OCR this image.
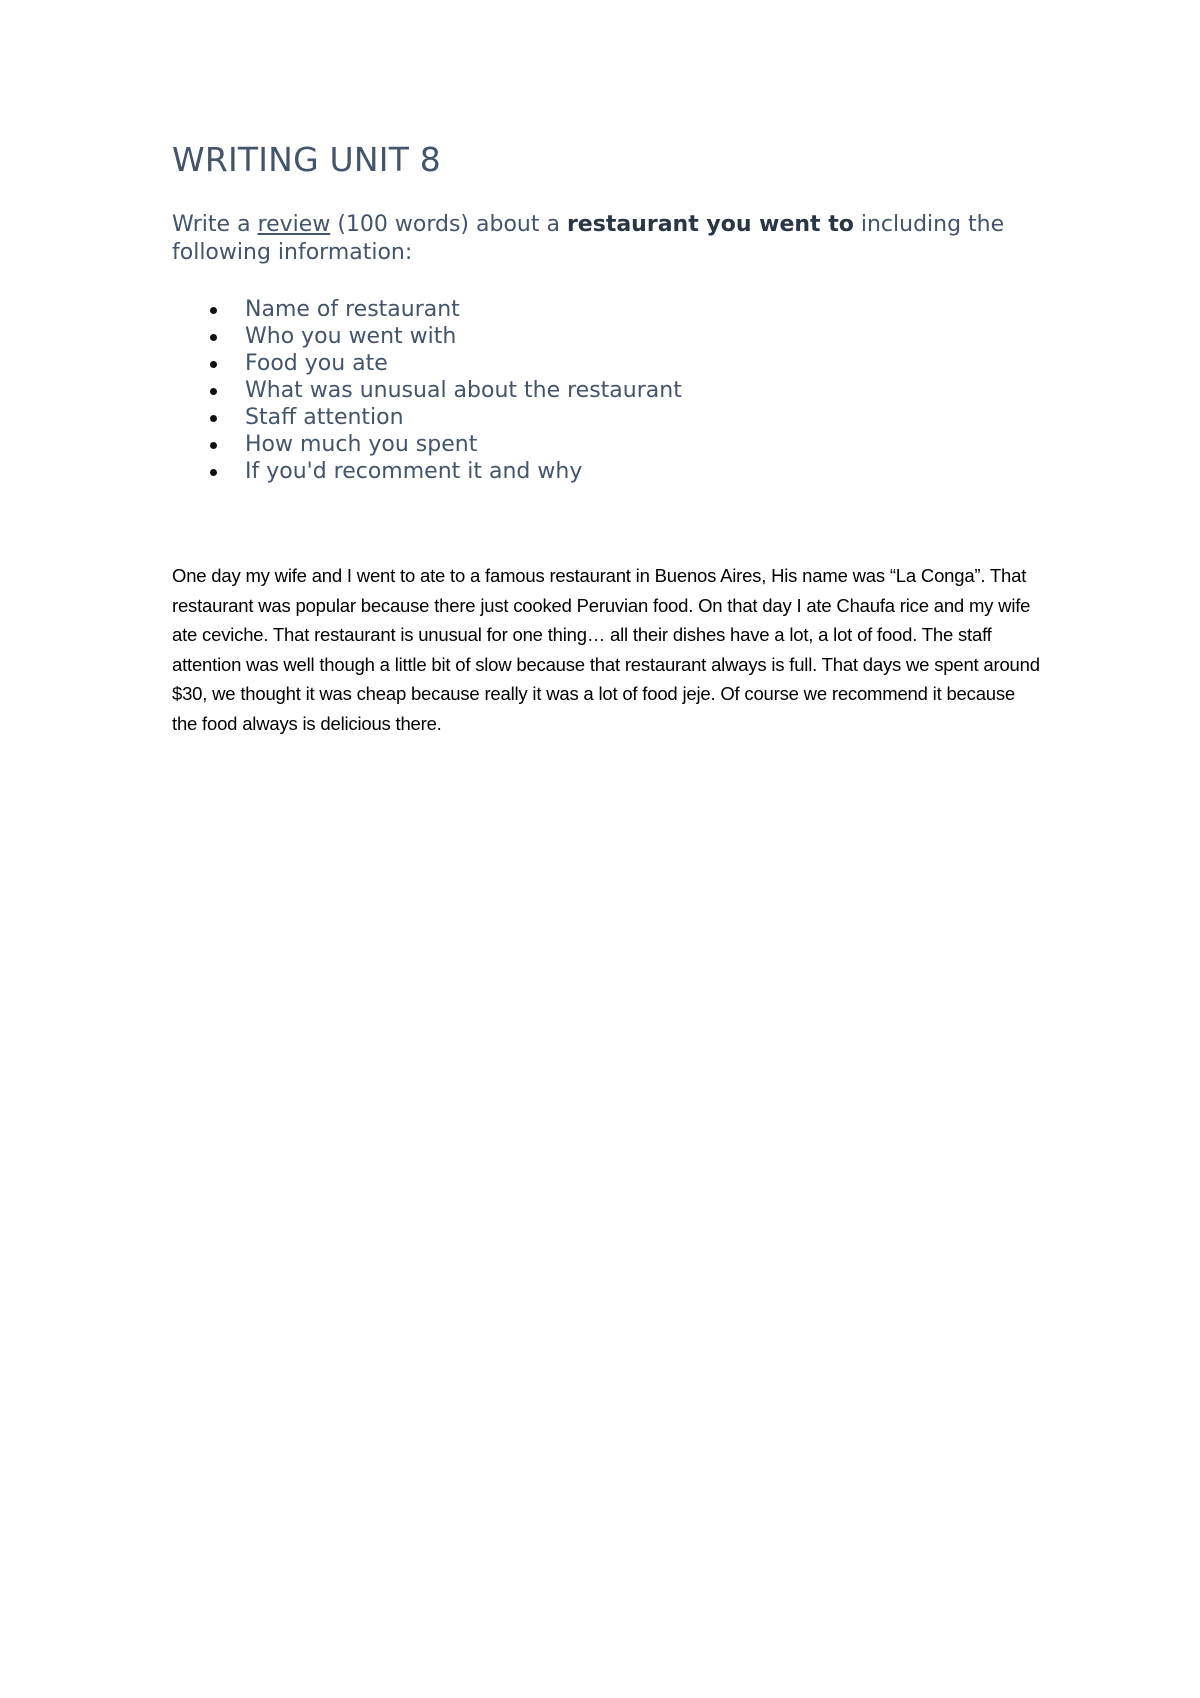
WRITING UNIT 8

Write a review (100 words) about a restaurant you went to including the following information:

Name of restaurant
Who you went with
Food you ate
What was unusual about the restaurant
Staff attention
How much you spent
If you'd recomment it and why

One day my wife and I went to ate to a famous restaurant in Buenos Aires, His name was “La Conga”. That restaurant was popular because there just cooked Peruvian food. On that day I ate Chaufa rice and my wife ate ceviche. That restaurant is unusual for one thing… all their dishes have a lot, a lot of food. The staff attention was well though a little bit of slow because that restaurant always is full. That days we spent around $30, we thought it was cheap because really it was a lot of food jeje. Of course we recommend it because the food always is delicious there.
